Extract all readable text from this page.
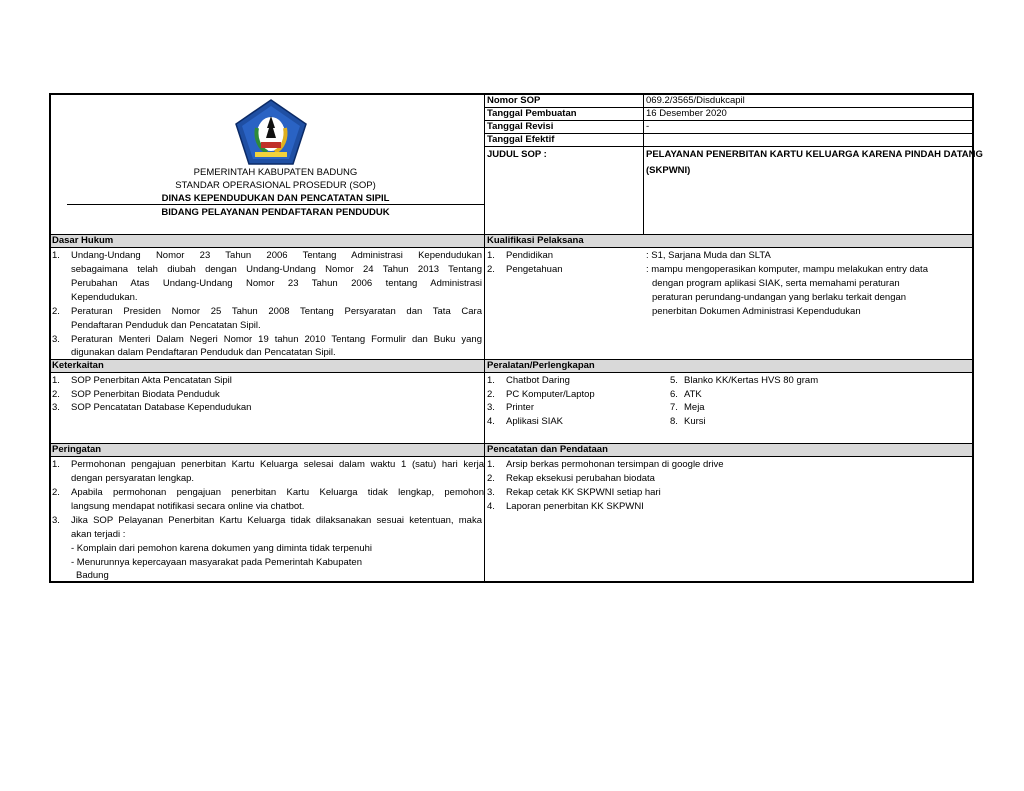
PEMERINTAH KABUPATEN BADUNG
STANDAR OPERASIONAL PROSEDUR (SOP)
DINAS KEPENDUDUKAN DAN PENCATATAN SIPIL
BIDANG PELAYANAN PENDAFTARAN PENDUDUK
Nomor SOP	069.2/3565/Disdukcapil
Tanggal Pembuatan	16 Desember 2020
Tanggal Revisi	-
Tanggal Efektif
JUDUL SOP :	PELAYANAN PENERBITAN KARTU KELUARGA KARENA PINDAH DATANG
(SKPWNI)
Dasar Hukum
1. Undang-Undang Nomor 23 Tahun 2006 Tentang Administrasi Kependudukan
sebagaimana telah diubah dengan Undang-Undang Nomor 24 Tahun 2013 Tentang
Perubahan Atas Undang-Undang Nomor 23 Tahun 2006 tentang Administrasi
Kependudukan.
2. Peraturan Presiden Nomor 25 Tahun 2008 Tentang Persyaratan dan Tata Cara
Pendaftaran Penduduk dan Pencatatan Sipil.
3. Peraturan Menteri Dalam Negeri Nomor 19 tahun 2010 Tentang Formulir dan Buku yang
digunakan dalam Pendaftaran Penduduk dan Pencatatan Sipil.
Kualifikasi Pelaksana
1. Pendidikan	: S1, Sarjana Muda dan SLTA
2. Pengetahuan	: mampu mengoperasikan komputer, mampu melakukan entry data
dengan program aplikasi SIAK, serta memahami peraturan
peraturan perundang-undangan yang berlaku terkait dengan
penerbitan Dokumen Administrasi Kependudukan
Keterkaitan
1. SOP Penerbitan Akta Pencatatan Sipil
2. SOP Penerbitan Biodata Penduduk
3. SOP Pencatatan Database Kependudukan
Peralatan/Perlengkapan
1. Chatbot Daring
2. PC Komputer/Laptop
3. Printer
4. Aplikasi SIAK
5. Blanko KK/Kertas HVS 80 gram
6. ATK
7. Meja
8. Kursi
Peringatan
1. Permohonan pengajuan penerbitan Kartu Keluarga selesai dalam waktu 1 (satu) hari kerja
dengan persyaratan lengkap.
2. Apabila permohonan pengajuan penerbitan Kartu Keluarga tidak lengkap, pemohon
langsung mendapat notifikasi secara online via chatbot.
3. Jika SOP Pelayanan Penerbitan Kartu Keluarga tidak dilaksanakan sesuai ketentuan, maka
akan terjadi :
- Komplain dari pemohon karena dokumen yang diminta tidak terpenuhi
- Menurunnya kepercayaan masyarakat pada Pemerintah Kabupaten
Badung
Pencatatan dan Pendataan
1. Arsip berkas permohonan tersimpan di google drive
2. Rekap eksekusi perubahan biodata
3. Rekap cetak KK SKPWNI setiap hari
4. Laporan penerbitan KK SKPWNI
